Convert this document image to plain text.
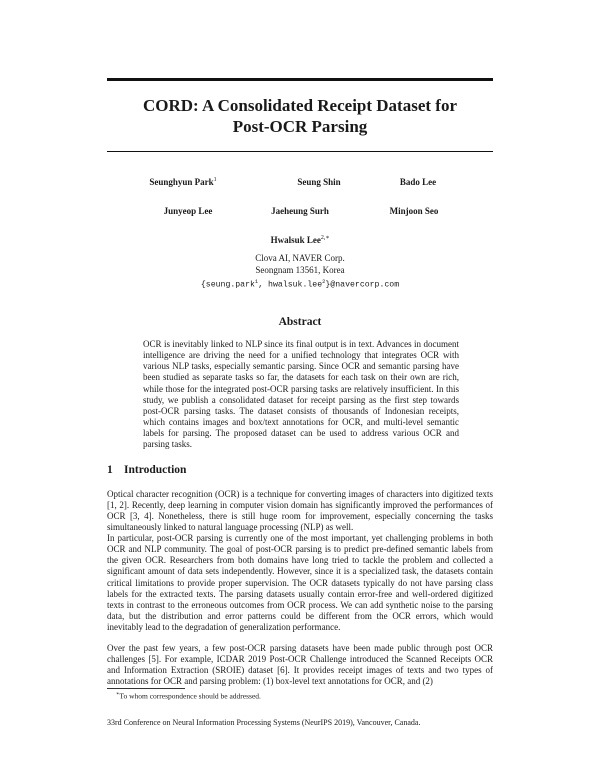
CORD: A Consolidated Receipt Dataset for
Post-OCR Parsing
Seunghyun Park$^1$	Seung Shin	Bado Lee
Junyeop Lee	Jaeheung Surh	Minjoon Seo
Hwalsuk Lee$^{2,∗}$
Clova AI, NAVER Corp.
Seongnam 13561, Korea
{seung.park$^1$, hwalsuk.lee$^2$}@navercorp.com
Abstract
OCR is inevitably linked to NLP since its final output is in text. Advances in document intelligence are driving the need for a unified technology that integrates OCR with various NLP tasks, especially semantic parsing. Since OCR and semantic parsing have been studied as separate tasks so far, the datasets for each task on their own are rich, while those for the integrated post-OCR parsing tasks are relatively insufficient. In this study, we publish a consolidated dataset for receipt parsing as the first step towards post-OCR parsing tasks. The dataset consists of thousands of Indonesian receipts, which contains images and box/text annotations for OCR, and multi-level semantic labels for parsing. The proposed dataset can be used to address various OCR and parsing tasks.
1 Introduction

Optical character recognition (OCR) is a technique for converting images of characters into digitized texts [1, 2]. Recently, deep learning in computer vision domain has significantly improved the performances of OCR [3, 4]. Nonetheless, there is still huge room for improvement, especially concerning the tasks simultaneously linked to natural language processing (NLP) as well.

In particular, post-OCR parsing is currently one of the most important, yet challenging problems in both OCR and NLP community. The goal of post-OCR parsing is to predict pre-defined semantic labels from the given OCR. Researchers from both domains have long tried to tackle the problem and collected a significant amount of data sets independently. However, since it is a specialized task, the datasets contain critical limitations to provide proper supervision. The OCR datasets typically do not have parsing class labels for the extracted texts. The parsing datasets usually contain error-free and well-ordered digitized texts in contrast to the erroneous outcomes from OCR process. We can add synthetic noise to the parsing data, but the distribution and error patterns could be different from the OCR errors, which would inevitably lead to the degradation of generalization performance.

Over the past few years, a few post-OCR parsing datasets have been made public through post OCR challenges [5]. For example, ICDAR 2019 Post-OCR Challenge introduced the Scanned Receipts OCR and Information Extraction (SROIE) dataset [6]. It provides receipt images of texts and two types of annotations for OCR and parsing problem: (1) box-level text annotations for OCR, and (2)

∗To whom correspondence should be addressed.
33rd Conference on Neural Information Processing Systems (NeurIPS 2019), Vancouver, Canada.
